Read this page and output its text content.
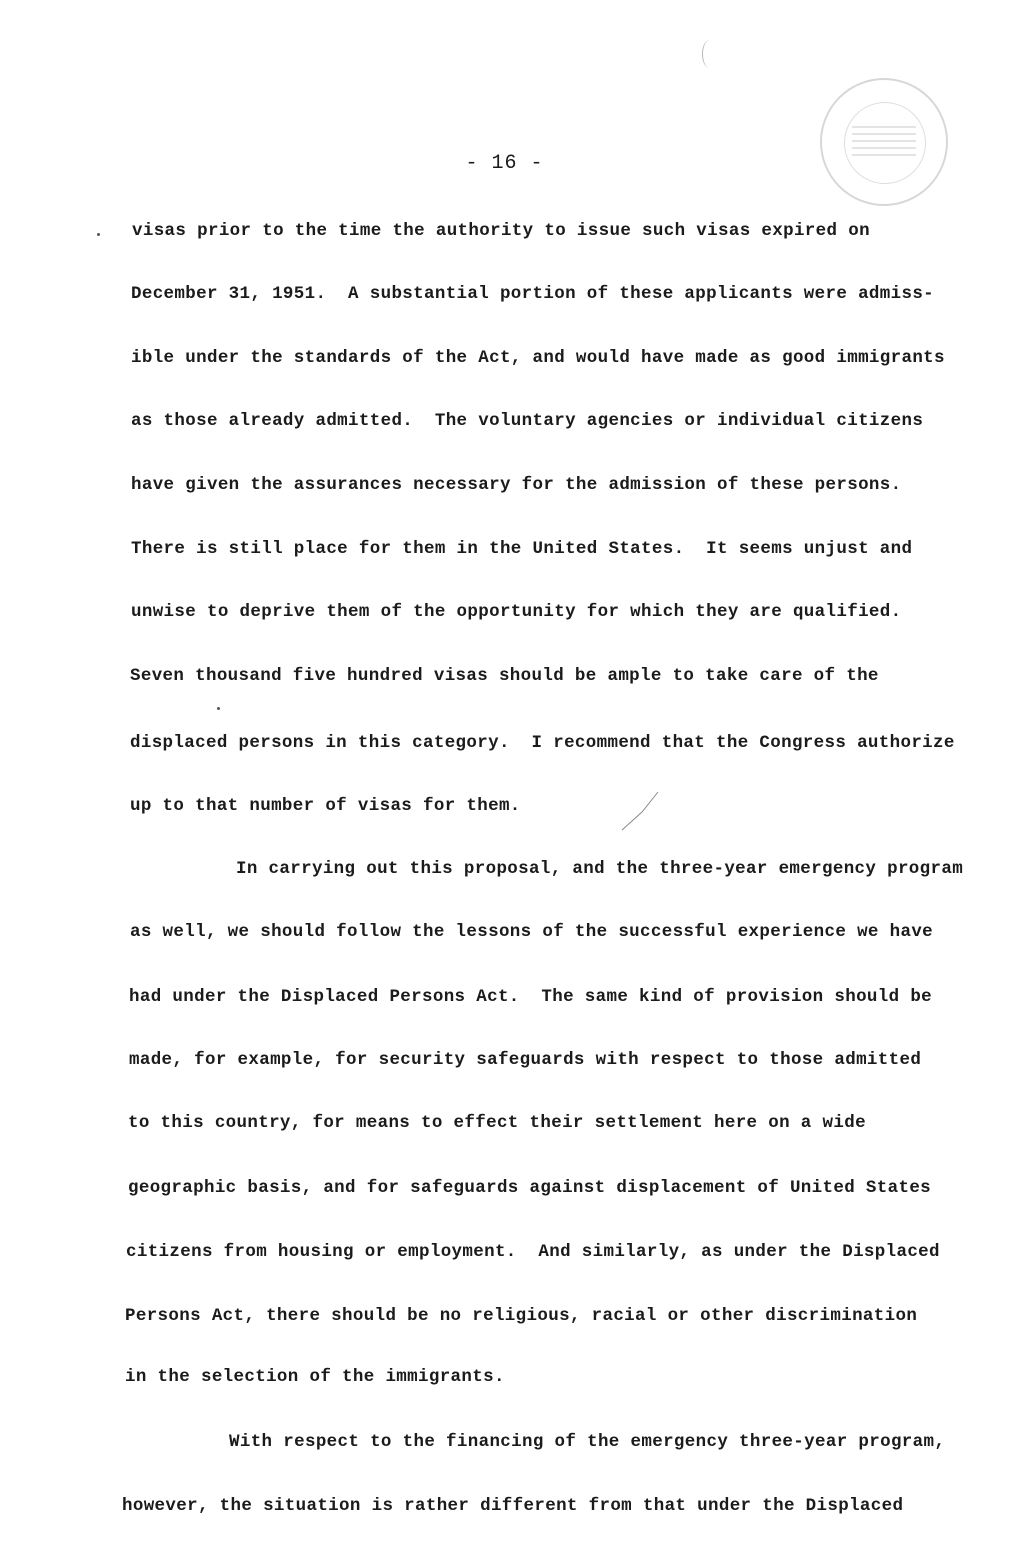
- 16 -
visas prior to the time the authority to issue such visas expired on
December 31, 1951.  A substantial portion of these applicants were admiss-
ible under the standards of the Act, and would have made as good immigrants
as those already admitted.  The voluntary agencies or individual citizens
have given the assurances necessary for the admission of these persons.
There is still place for them in the United States.  It seems unjust and
unwise to deprive them of the opportunity for which they are qualified.
Seven thousand five hundred visas should be ample to take care of the
displaced persons in this category.  I recommend that the Congress authorize
up to that number of visas for them.
In carrying out this proposal, and the three-year emergency program
as well, we should follow the lessons of the successful experience we have
had under the Displaced Persons Act.  The same kind of provision should be
made, for example, for security safeguards with respect to those admitted
to this country, for means to effect their settlement here on a wide
geographic basis, and for safeguards against displacement of United States
citizens from housing or employment.  And similarly, as under the Displaced
Persons Act, there should be no religious, racial or other discrimination
in the selection of the immigrants.
With respect to the financing of the emergency three-year program,
however, the situation is rather different from that under the Displaced
